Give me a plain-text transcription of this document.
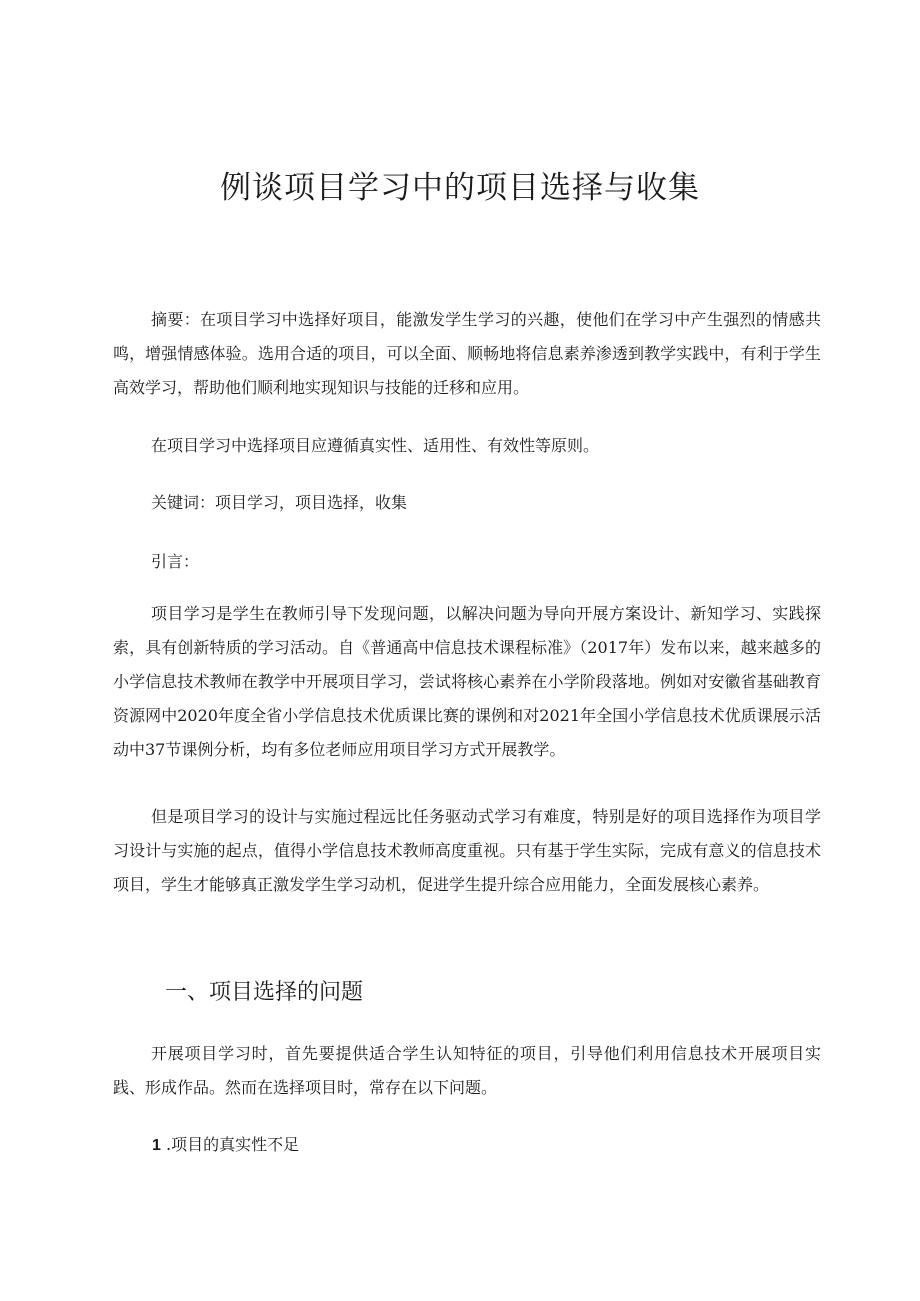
例谈项目学习中的项目选择与收集

摘要：在项目学习中选择好项目，能激发学生学习的兴趣，使他们在学习中产生强烈的情感共鸣，增强情感体验。选用合适的项目，可以全面、顺畅地将信息素养渗透到教学实践中，有利于学生高效学习，帮助他们顺利地实现知识与技能的迁移和应用。

在项目学习中选择项目应遵循真实性、适用性、有效性等原则。

关键词：项目学习，项目选择，收集

引言：

项目学习是学生在教师引导下发现问题，以解决问题为导向开展方案设计、新知学习、实践探索，具有创新特质的学习活动。自《普通高中信息技术课程标准》（2017年）发布以来，越来越多的小学信息技术教师在教学中开展项目学习，尝试将核心素养在小学阶段落地。例如对安徽省基础教育资源网中2020年度全省小学信息技术优质课比赛的课例和对2021年全国小学信息技术优质课展示活动中37节课例分析，均有多位老师应用项目学习方式开展教学。

但是项目学习的设计与实施过程远比任务驱动式学习有难度，特别是好的项目选择作为项目学习设计与实施的起点，值得小学信息技术教师高度重视。只有基于学生实际，完成有意义的信息技术项目，学生才能够真正激发学生学习动机，促进学生提升综合应用能力，全面发展核心素养。

一、项目选择的问题

开展项目学习时，首先要提供适合学生认知特征的项目，引导他们利用信息技术开展项目实践、形成作品。然而在选择项目时，常存在以下问题。

1 .项目的真实性不足
